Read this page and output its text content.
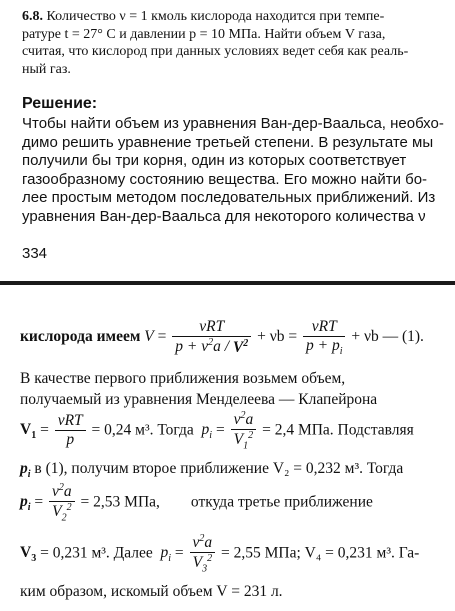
6.8. Количество ν = 1 кмоль кислорода находится при темпе-
ратуре t = 27° C и давлении p = 10 МПа. Найти объем V газа,
считая, что кислород при данных условиях ведет себя как реаль-
ный газ.
Решение:
Чтобы найти объем из уравнения Ван-дер-Ваальса, необхо-
димо решить уравнение третьей степени. В результате мы
получили бы три корня, один из которых соответствует
газообразному состоянию вещества. Его можно найти бо-
лее простым методом последовательных приближений. Из
уравнения Ван-дер-Ваальса для некоторого количества ν
334
кислорода имеем $V = \frac{\text{νRT}}{p + \nu^2a / V^2} + \nu b = \frac{\text{νRT}}{p + p_i} + \nu b$ — (1).
В качестве первого приближения возьмем объем,
получаемый из уравнения Менделеева — Клапейрона
$V_1 = \frac{\text{νRT}}{p} = 0,24$ м³. Тогда $p_i = \frac{\nu^2a}{V_1^2} = 2,4$ МПа. Подставляя
$p_i$ в (1), получим второе приближение V₂ = 0,232 м³. Тогда
$p_i = \frac{\nu^2a}{V_2^2} = 2,53$ МПа, откуда третье приближение
$V_3 = 0,231$ м³. Далее $p_i = \frac{\nu^2a}{V_3^2} = 2,55$ МПа; V₄ = 0,231 м³. Га-
ким образом, искомый объем V = 231 л.
